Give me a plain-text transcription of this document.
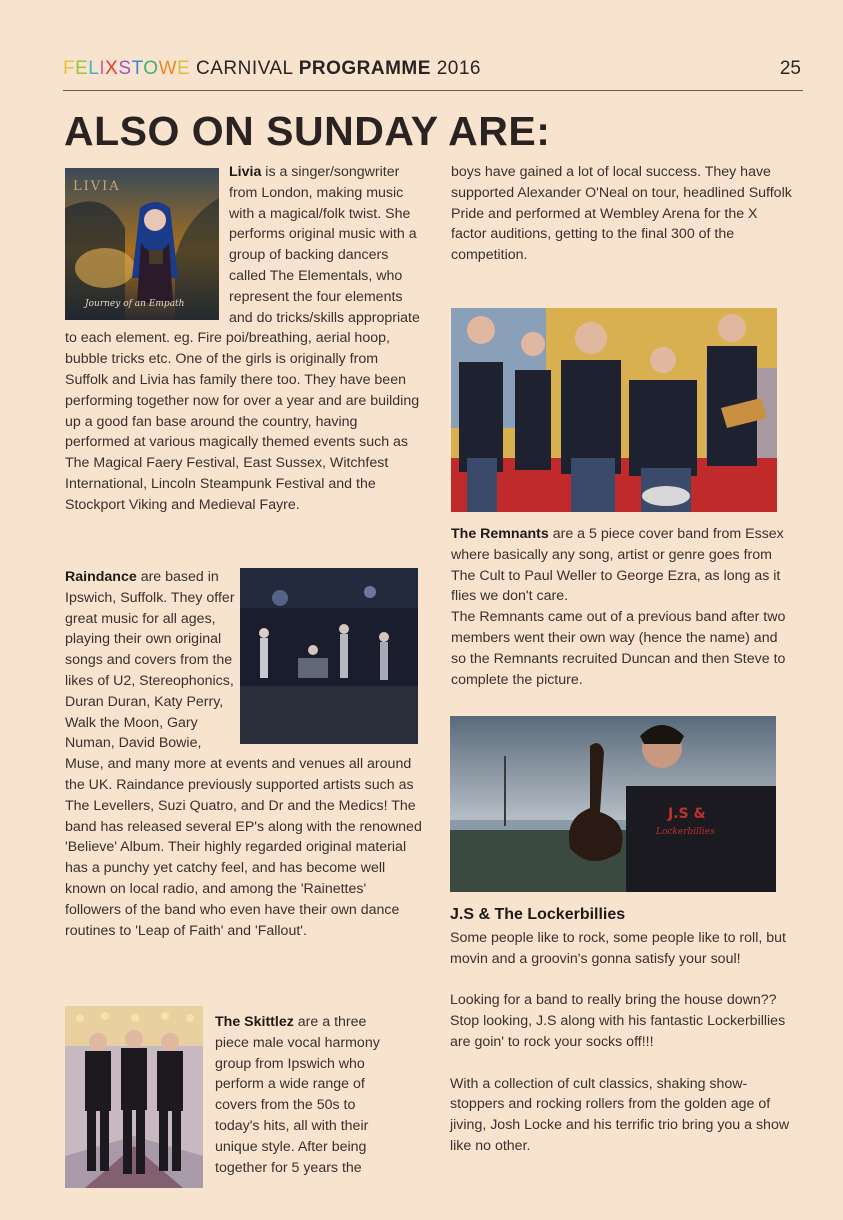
FELIXSTOWE CARNIVAL PROGRAMME 2016	25
ALSO ON SUNDAY ARE:
LIVIA
Journey of an Empath
Livia is a singer/songwriter from London, making music with a magical/folk twist. She performs original music with a group of backing dancers called The Elementals, who represent the four elements and do tricks/skills appropriate to each element. eg. Fire poi/breathing, aerial hoop, bubble tricks etc. One of the girls is originally from Suffolk and Livia has family there too. They have been performing together now for over a year and are building up a good fan base around the country, having performed at various magically themed events such as The Magical Faery Festival, East Sussex, Witchfest International, Lincoln Steampunk Festival and the Stockport Viking and Medieval Fayre.
Raindance are based in Ipswich, Suffolk. They offer great music for all ages, playing their own original songs and covers from the likes of U2, Stereophonics, Duran Duran, Katy Perry, Walk the Moon, Gary Numan, David Bowie, Muse, and many more at events and venues all around the UK. Raindance previously supported artists such as The Levellers, Suzi Quatro, and Dr and the Medics! The band has released several EP's along with the renowned 'Believe' Album. Their highly regarded original material has a punchy yet catchy feel, and has become well known on local radio, and among the 'Rainettes' followers of the band who even have their own dance routines to 'Leap of Faith' and 'Fallout'.
The Skittlez are a three piece male vocal harmony group from Ipswich who perform a wide range of covers from the 50s to today's hits, all with their unique style. After being together for 5 years the
boys have gained a lot of local success. They have supported Alexander O'Neal on tour, headlined Suffolk Pride and performed at Wembley Arena for the X factor auditions, getting to the final 300 of the competition.

The Remnants are a 5 piece cover band from Essex where basically any song, artist or genre goes from The Cult to Paul Weller to George Ezra, as long as it flies we don't care.

The Remnants came out of a previous band after two members went their own way (hence the name) and so the Remnants recruited Duncan and then Steve to complete the picture.

J.S &
Lockerbillies
J.S & The Lockerbillies

Some people like to rock, some people like to roll, but movin and a groovin's gonna satisfy your soul!

Looking for a band to really bring the house down?? Stop looking, J.S along with his fantastic Lockerbillies are goin' to rock your socks off!!!

With a collection of cult classics, shaking show-stoppers and rocking rollers from the golden age of jiving, Josh Locke and his terrific trio bring you a show like no other.
